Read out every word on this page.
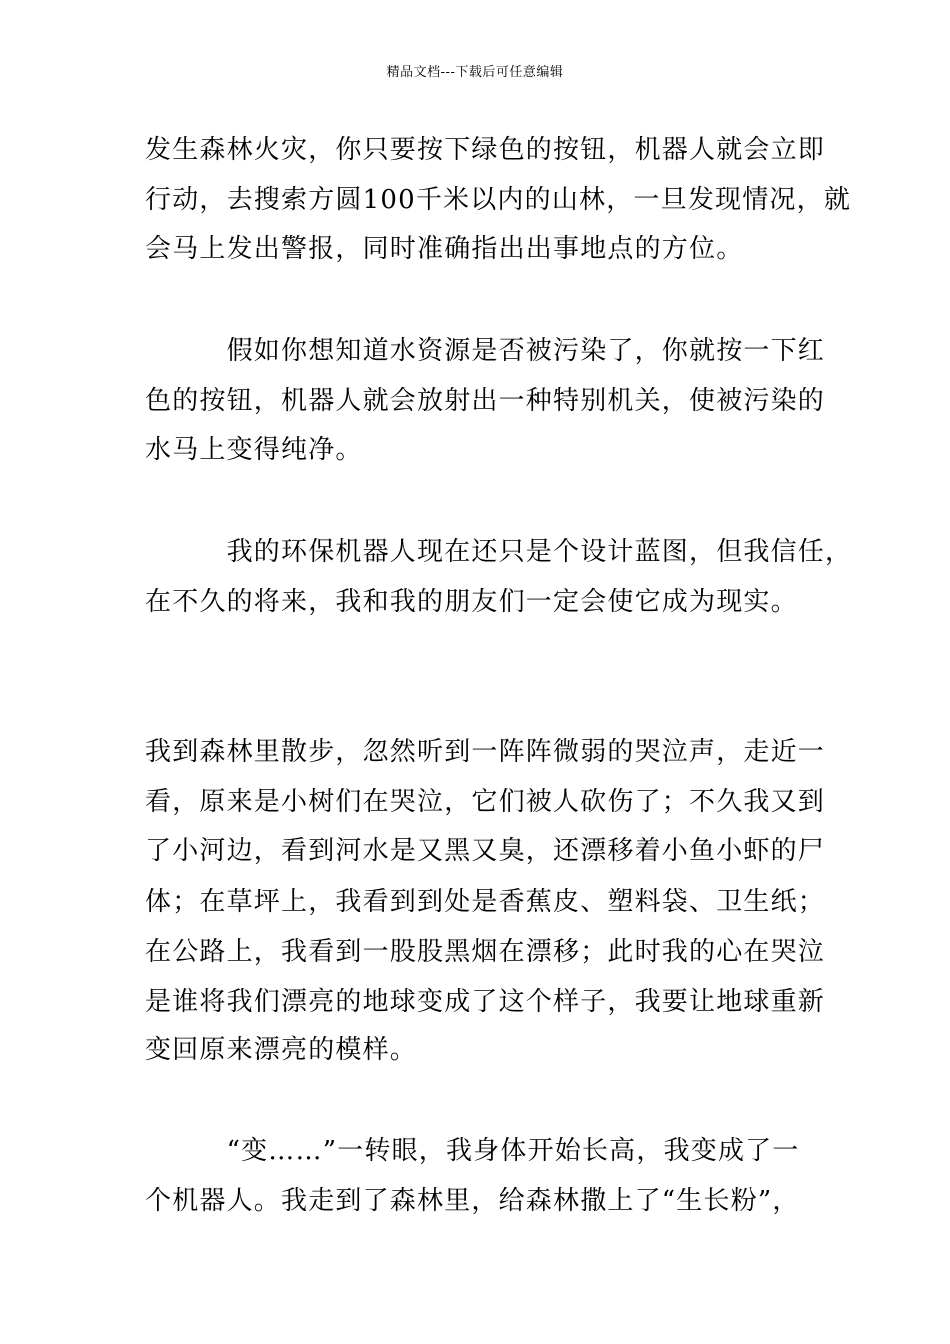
精品文档---下载后可任意编辑
发生森林火灾，你只要按下绿色的按钮，机器人就会立即
行动，去搜索方圆100千米以内的山林，一旦发现情况，就
会马上发出警报，同时准确指出出事地点的方位。
　　　假如你想知道水资源是否被污染了，你就按一下红
色的按钮，机器人就会放射出一种特别机关，使被污染的
水马上变得纯净。
　　　我的环保机器人现在还只是个设计蓝图，但我信任，
在不久的将来，我和我的朋友们一定会使它成为现实。
我到森林里散步，忽然听到一阵阵微弱的哭泣声，走近一
看，原来是小树们在哭泣，它们被人砍伤了；不久我又到
了小河边，看到河水是又黑又臭，还漂移着小鱼小虾的尸
体；在草坪上，我看到到处是香蕉皮、塑料袋、卫生纸；
在公路上，我看到一股股黑烟在漂移；此时我的心在哭泣
是谁将我们漂亮的地球变成了这个样子，我要让地球重新
变回原来漂亮的模样。
　　　“变……”一转眼，我身体开始长高，我变成了一
个机器人。我走到了森林里，给森林撒上了“生长粉”，
